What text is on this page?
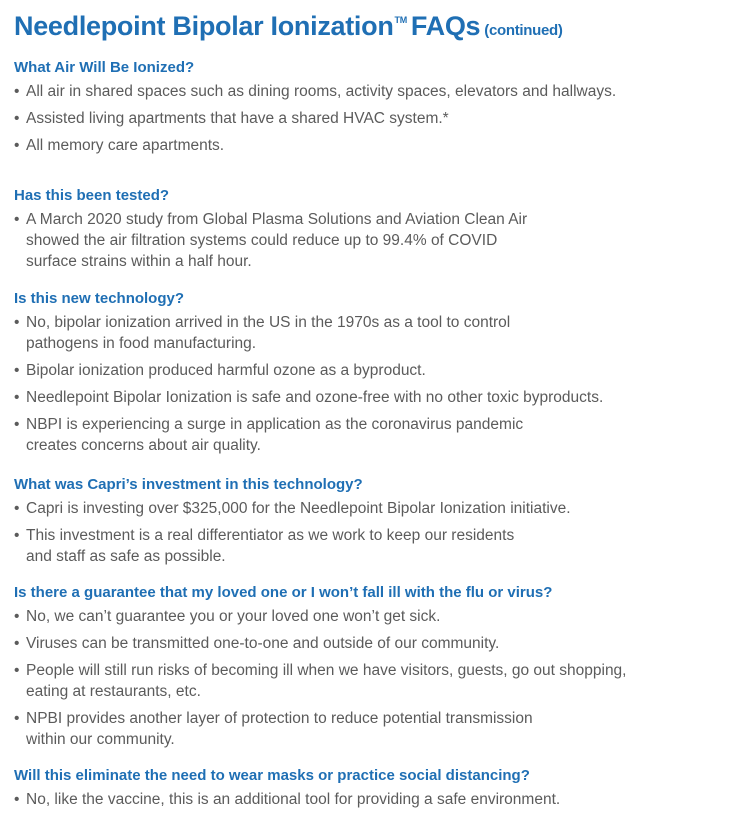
Needlepoint Bipolar Ionization™ FAQs (continued)
What Air Will Be Ionized?
• All air in shared spaces such as dining rooms, activity spaces, elevators and hallways.
• Assisted living apartments that have a shared HVAC system.*
• All memory care apartments.
Has this been tested?
• A March 2020 study from Global Plasma Solutions and Aviation Clean Air
showed the air filtration systems could reduce up to 99.4% of COVID
surface strains within a half hour.
Is this new technology?
• No, bipolar ionization arrived in the US in the 1970s as a tool to control
pathogens in food manufacturing.
• Bipolar ionization produced harmful ozone as a byproduct.
• Needlepoint Bipolar Ionization is safe and ozone-free with no other toxic byproducts.
• NBPI is experiencing a surge in application as the coronavirus pandemic
creates concerns about air quality.
What was Capri’s investment in this technology?
• Capri is investing over $325,000 for the Needlepoint Bipolar Ionization initiative.
• This investment is a real differentiator as we work to keep our residents
and staff as safe as possible.
Is there a guarantee that my loved one or I won’t fall ill with the flu or virus?
• No, we can’t guarantee you or your loved one won’t get sick.
• Viruses can be transmitted one-to-one and outside of our community.
• People will still run risks of becoming ill when we have visitors, guests, go out shopping,
eating at restaurants, etc.
• NPBI provides another layer of protection to reduce potential transmission
within our community.
Will this eliminate the need to wear masks or practice social distancing?
• No, like the vaccine, this is an additional tool for providing a safe environment.
